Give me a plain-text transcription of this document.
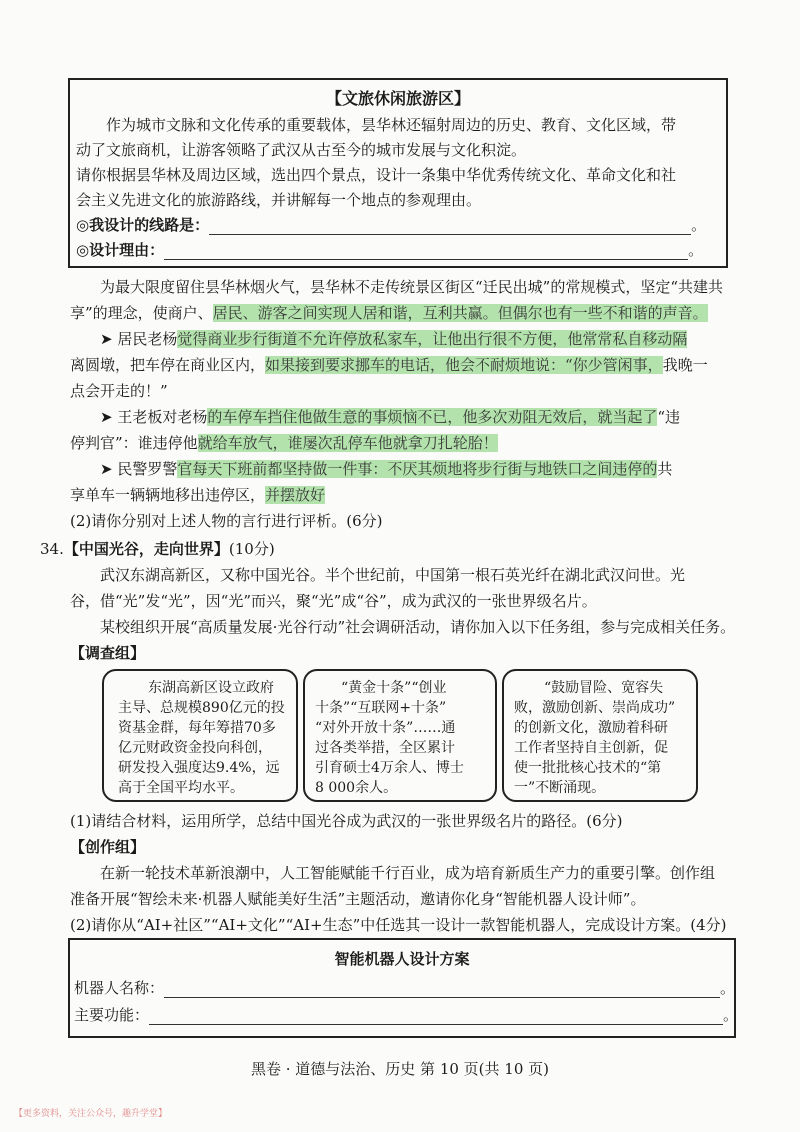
【文旅休闲旅游区】
作为城市文脉和文化传承的重要载体，昙华林还辐射周边的历史、教育、文化区域，带
动了文旅商机，让游客领略了武汉从古至今的城市发展与文化积淀。
请你根据昙华林及周边区域，选出四个景点，设计一条集中华优秀传统文化、革命文化和社
会主义先进文化的旅游路线，并讲解每一个地点的参观理由。
◎我设计的线路是：	。
◎设计理由：	。
为最大限度留住昙华林烟火气，昙华林不走传统景区街区“迁民出城”的常规模式，坚定“共建共
享”的理念，使商户、居民、游客之间实现人居和谐，互利共赢。但偶尔也有一些不和谐的声音。
➤ 居民老杨觉得商业步行街道不允许停放私家车，让他出行很不方便，他常常私自移动隔
离圆墩，把车停在商业区内，如果接到要求挪车的电话，他会不耐烦地说：“你少管闲事，我晚一
点会开走的！”
➤ 王老板对老杨的车停车挡住他做生意的事烦恼不已，他多次劝阻无效后，就当起了“违
停判官”：谁违停他就给车放气，谁屡次乱停车他就拿刀扎轮胎！
➤ 民警罗警官每天下班前都坚持做一件事：不厌其烦地将步行街与地铁口之间违停的共
享单车一辆辆地移出违停区，并摆放好
(2)请你分别对上述人物的言行进行评析。(6分)
34.【中国光谷，走向世界】(10分)
武汉东湖高新区，又称中国光谷。半个世纪前，中国第一根石英光纤在湖北武汉问世。光
谷，借“光”发“光”，因“光”而兴，聚“光”成“谷”，成为武汉的一张世界级名片。
某校组织开展“高质量发展·光谷行动”社会调研活动，请你加入以下任务组，参与完成相关任务。
【调查组】
东湖高新区设立政府
主导、总规模890亿元的投
资基金群，每年筹措70多
亿元财政资金投向科创，
研发投入强度达9.4%，远
高于全国平均水平。
“黄金十条”“创业
十条”“互联网+十条”
“对外开放十条”……通
过各类举措，全区累计
引育硕士4万余人、博士
8 000余人。
“鼓励冒险、宽容失
败，激励创新、崇尚成功”
的创新文化，激励着科研
工作者坚持自主创新，促
使一批批核心技术的“第
一”不断涌现。
(1)请结合材料，运用所学，总结中国光谷成为武汉的一张世界级名片的路径。(6分)
【创作组】
在新一轮技术革新浪潮中，人工智能赋能千行百业，成为培育新质生产力的重要引擎。创作组
准备开展“智绘未来·机器人赋能美好生活”主题活动，邀请你化身“智能机器人设计师”。
(2)请你从“AI+社区”“AI+文化”“AI+生态”中任选其一设计一款智能机器人，完成设计方案。(4分)
智能机器人设计方案
机器人名称：	。
主要功能：	。
黑卷 · 道德与法治、历史 第 10 页(共 10 页)
【更多资料，关注公众号，趣升学堂】
